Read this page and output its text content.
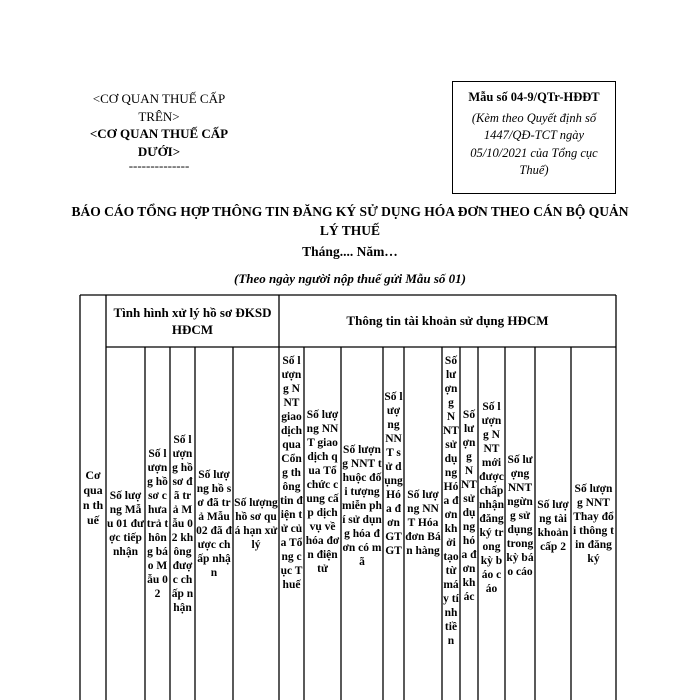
<CƠ QUAN THUẾ CẤP TRÊN>
<CƠ QUAN THUẾ CẤP DƯỚI>
--------------
Mẫu số 04-9/QTr-HĐĐT
(Kèm theo Quyết định số 1447/QĐ-TCT ngày 05/10/2021 của Tổng cục Thuế)
BÁO CÁO TỔNG HỢP THÔNG TIN ĐĂNG KÝ SỬ DỤNG HÓA ĐƠN THEO CÁN BỘ QUẢN LÝ THUẾ
Tháng.... Năm…
(Theo ngày người nộp thuế gửi Mẫu số 01)
Cơ quan thuế
Tình hình xử lý hồ sơ ĐKSD HĐCM
Thông tin tài khoản sử dụng HĐCM
Số lượng Mẫu 01 được tiếp nhận
Số lượng hồ sơ chưa trả thông báo Mẫu 02
Số lượng hồ sơ đã trả Mẫu 02 không được chấp nhận
Số lượng hồ sơ đã trả Mẫu 02 đã được chấp nhận
Số lượng hồ sơ quá hạn xử lý
Số lượng NNT giao dịch qua Cổng thông tin điện tử của Tổng cục Thuế
Số lượng NNT giao dịch qua Tổ chức cung cấp dịch vụ về hóa đơn điện tử
Số lượng NNT thuộc đối tượng miễn phí sử dụng hóa đơn có mã
Số lượng NNT sử dụng Hóa đơn GTGT
Số lượng NNT Hóa đơn Bán hàng
Số lượng NNT sử dụng Hóa đơn khởi tạo từ máy tính tiền
Số lượng NNT sử dụng hóa đơn khác
Số lượng NNT mới được chấp nhận đăng ký trong kỳ báo cáo
Số lượng NNT ngừng sử dụng trong kỳ báo cáo
Số lượng tài khoản cấp 2
Số lượng NNT Thay đổi thông tin đăng ký
